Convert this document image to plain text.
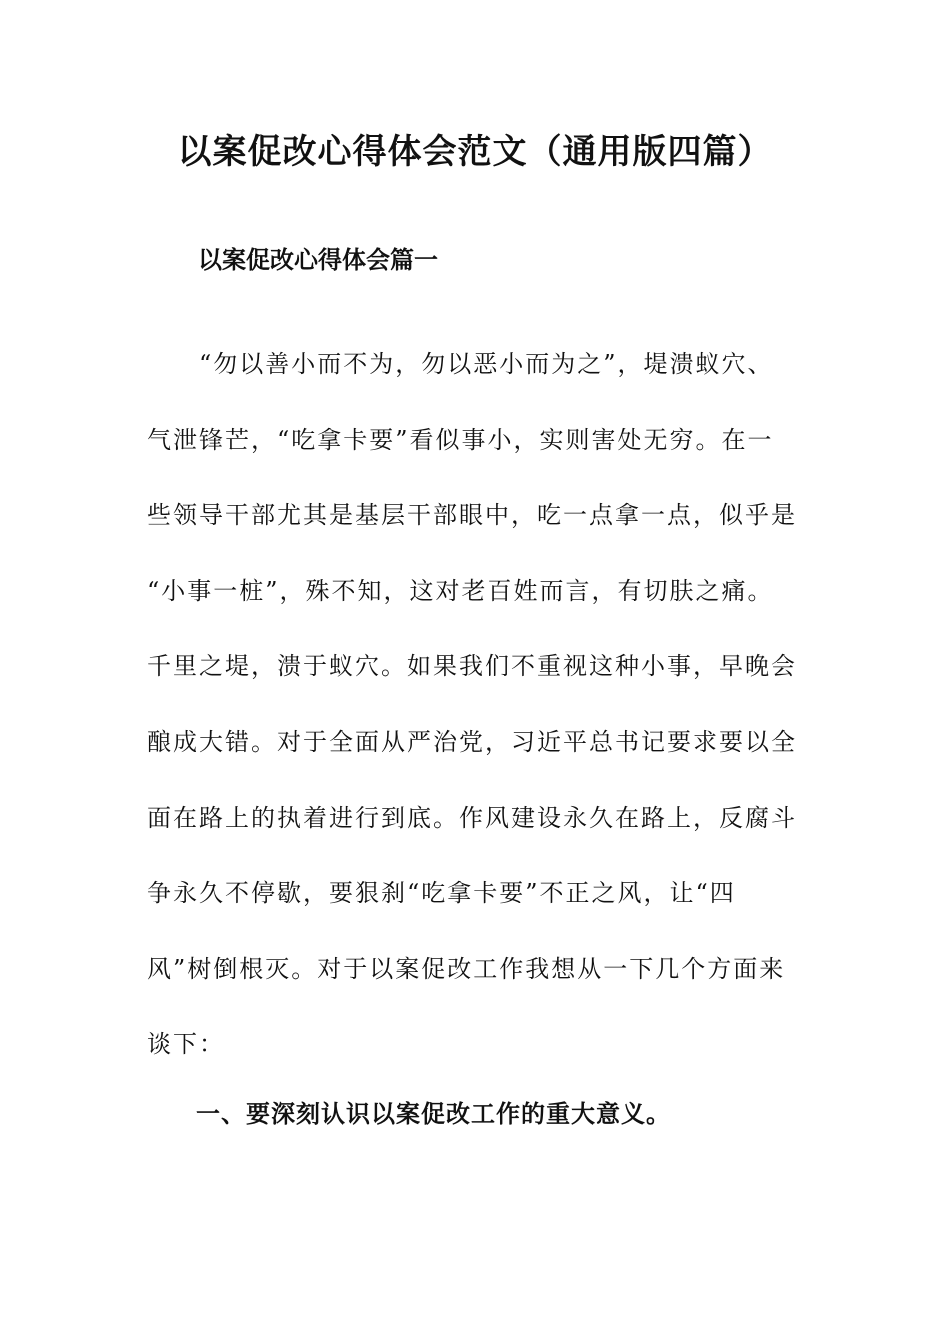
以案促改心得体会范文（通用版四篇）
以案促改心得体会篇一
“勿以善小而不为，勿以恶小而为之”，堤溃蚁穴、
气泄锋芒，“吃拿卡要”看似事小，实则害处无穷。在一
些领导干部尤其是基层干部眼中，吃一点拿一点，似乎是
“小事一桩”，殊不知，这对老百姓而言，有切肤之痛。
千里之堤，溃于蚁穴。如果我们不重视这种小事，早晚会
酿成大错。对于全面从严治党，习近平总书记要求要以全
面在路上的执着进行到底。作风建设永久在路上，反腐斗
争永久不停歇，要狠刹“吃拿卡要”不正之风，让“四
风”树倒根灭。对于以案促改工作我想从一下几个方面来
谈下：
一、要深刻认识以案促改工作的重大意义。
